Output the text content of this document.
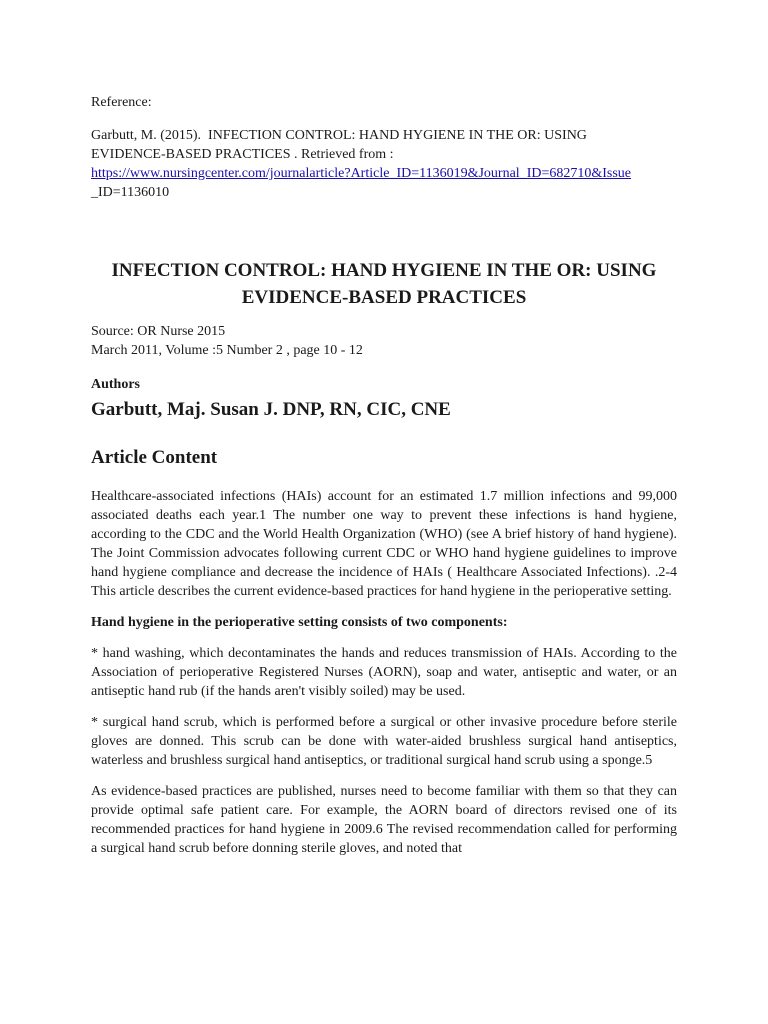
Reference:
Garbutt, M. (2015).  INFECTION CONTROL: HAND HYGIENE IN THE OR: USING
EVIDENCE-BASED PRACTICES . Retrieved from :
https://www.nursingcenter.com/journalarticle?Article_ID=1136019&Journal_ID=682710&Issue
_ID=1136010
INFECTION CONTROL: HAND HYGIENE IN THE OR: USING
EVIDENCE-BASED PRACTICES
Source: OR Nurse 2015
March 2011, Volume :5 Number 2 , page 10 - 12
Authors
Garbutt, Maj. Susan J. DNP, RN, CIC, CNE
Article Content

Healthcare-associated infections (HAIs) account for an estimated 1.7 million infections and 99,000 associated deaths each year.1 The number one way to prevent these infections is hand hygiene, according to the CDC and the World Health Organization (WHO) (see A brief history of hand hygiene). The Joint Commission advocates following current CDC or WHO hand hygiene guidelines to improve hand hygiene compliance and decrease the incidence of HAIs ( Healthcare Associated Infections). .2-4 This article describes the current evidence-based practices for hand hygiene in the perioperative setting.

Hand hygiene in the perioperative setting consists of two components:

* hand washing, which decontaminates the hands and reduces transmission of HAIs. According to the Association of perioperative Registered Nurses (AORN), soap and water, antiseptic and water, or an antiseptic hand rub (if the hands aren't visibly soiled) may be used.

* surgical hand scrub, which is performed before a surgical or other invasive procedure before sterile gloves are donned. This scrub can be done with water-aided brushless surgical hand antiseptics, waterless and brushless surgical hand antiseptics, or traditional surgical hand scrub using a sponge.5

As evidence-based practices are published, nurses need to become familiar with them so that they can provide optimal safe patient care. For example, the AORN board of directors revised one of its recommended practices for hand hygiene in 2009.6 The revised recommendation called for performing a surgical hand scrub before donning sterile gloves, and noted that
